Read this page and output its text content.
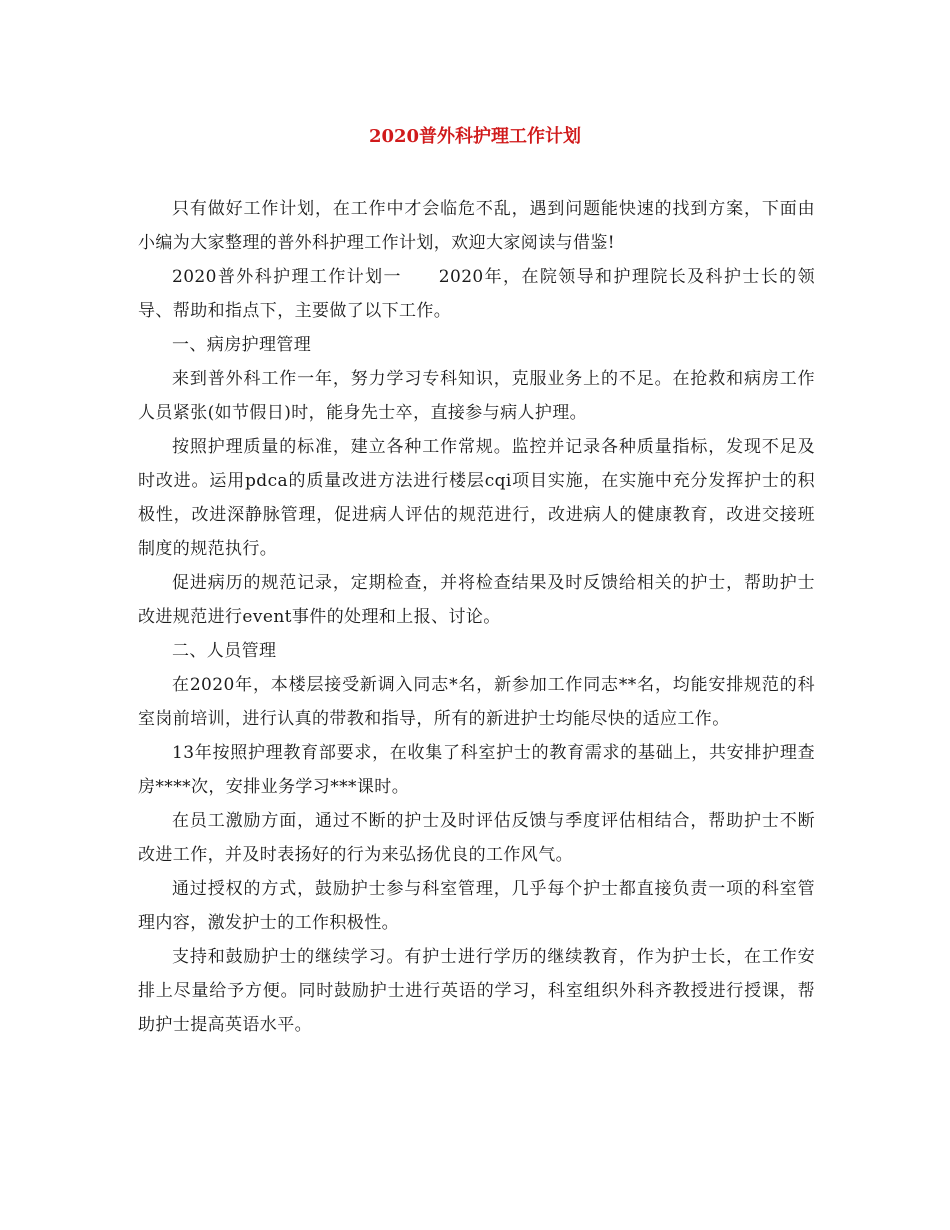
2020普外科护理工作计划

只有做好工作计划，在工作中才会临危不乱，遇到问题能快速的找到方案，下面由小编为大家整理的普外科护理工作计划，欢迎大家阅读与借鉴!

2020普外科护理工作计划一　　2020年，在院领导和护理院长及科护士长的领导、帮助和指点下，主要做了以下工作。

一、病房护理管理

来到普外科工作一年，努力学习专科知识，克服业务上的不足。在抢救和病房工作人员紧张(如节假日)时，能身先士卒，直接参与病人护理。

按照护理质量的标准，建立各种工作常规。监控并记录各种质量指标，发现不足及时改进。运用pdca的质量改进方法进行楼层cqi项目实施，在实施中充分发挥护士的积极性，改进深静脉管理，促进病人评估的规范进行，改进病人的健康教育，改进交接班制度的规范执行。

促进病历的规范记录，定期检查，并将检查结果及时反馈给相关的护士，帮助护士改进规范进行event事件的处理和上报、讨论。

二、人员管理

在2020年，本楼层接受新调入同志*名，新参加工作同志**名，均能安排规范的科室岗前培训，进行认真的带教和指导，所有的新进护士均能尽快的适应工作。

13年按照护理教育部要求，在收集了科室护士的教育需求的基础上，共安排护理查房****次，安排业务学习***课时。

在员工激励方面，通过不断的护士及时评估反馈与季度评估相结合，帮助护士不断改进工作，并及时表扬好的行为来弘扬优良的工作风气。

通过授权的方式，鼓励护士参与科室管理，几乎每个护士都直接负责一项的科室管理内容，激发护士的工作积极性。

支持和鼓励护士的继续学习。有护士进行学历的继续教育，作为护士长，在工作安排上尽量给予方便。同时鼓励护士进行英语的学习，科室组织外科齐教授进行授课，帮助护士提高英语水平。
